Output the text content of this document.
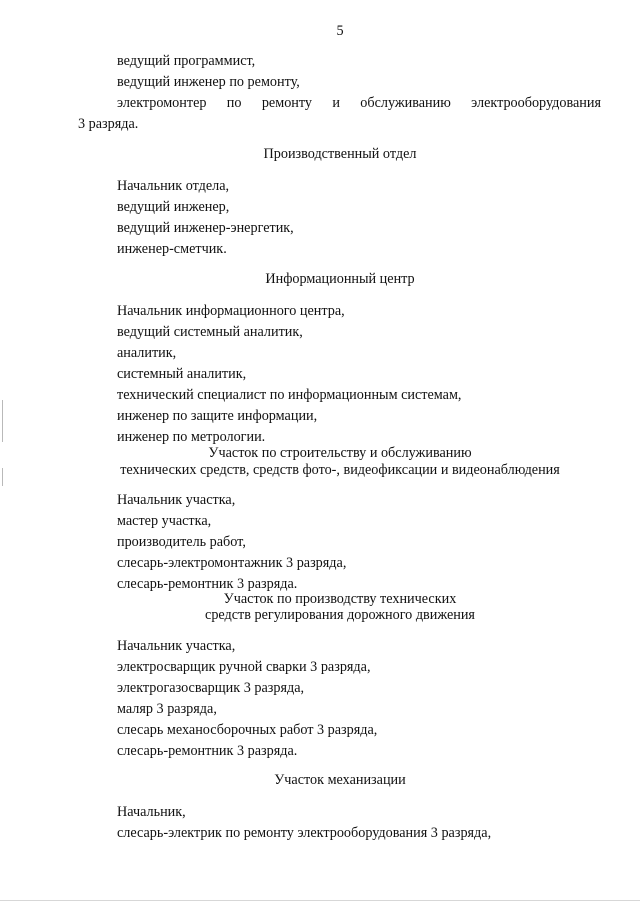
5
ведущий программист,
ведущий инженер по ремонту,
электромонтер по ремонту и обслуживанию электрооборудования
3 разряда.
Производственный отдел
Начальник отдела,
ведущий инженер,
ведущий инженер-энергетик,
инженер-сметчик.
Информационный центр
Начальник информационного центра,
ведущий системный аналитик,
аналитик,
системный аналитик,
технический специалист по информационным системам,
инженер по защите информации,
инженер по метрологии.
Участок по строительству и обслуживанию
технических средств, средств фото-, видеофиксации и видеонаблюдения
Начальник участка,
мастер участка,
производитель работ,
слесарь-электромонтажник 3 разряда,
слесарь-ремонтник 3 разряда.
Участок по производству технических
средств регулирования дорожного движения
Начальник участка,
электросварщик ручной сварки 3 разряда,
электрогазосварщик 3 разряда,
маляр 3 разряда,
слесарь механосборочных работ 3 разряда,
слесарь-ремонтник 3 разряда.
Участок механизации
Начальник,
слесарь-электрик по ремонту электрооборудования 3 разряда,
